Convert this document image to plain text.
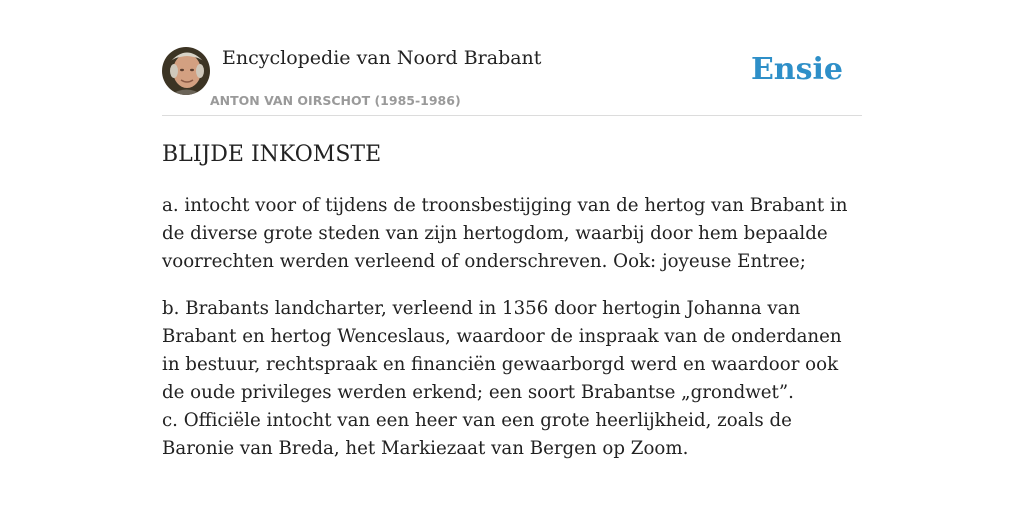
Encyclopedie van Noord Brabant
ANTON VAN OIRSCHOT (1985-1986)
Ensie
BLIJDE INKOMSTE

a. intocht voor of tijdens de troonsbestijging van de hertog van Brabant in de diverse grote steden van zijn hertogdom, waarbij door hem bepaalde voorrechten werden verleend of onderschreven. Ook: joyeuse Entree;

b. Brabants landcharter, verleend in 1356 door hertogin Johanna van Brabant en hertog Wenceslaus, waardoor de inspraak van de onderdanen in bestuur, rechtspraak en financiën gewaarborgd werd en waardoor ook de oude privileges werden erkend; een soort Brabantse „grondwet”.

c. Officiële intocht van een heer van een grote heerlijkheid, zoals de Baronie van Breda, het Markiezaat van Bergen op Zoom.
